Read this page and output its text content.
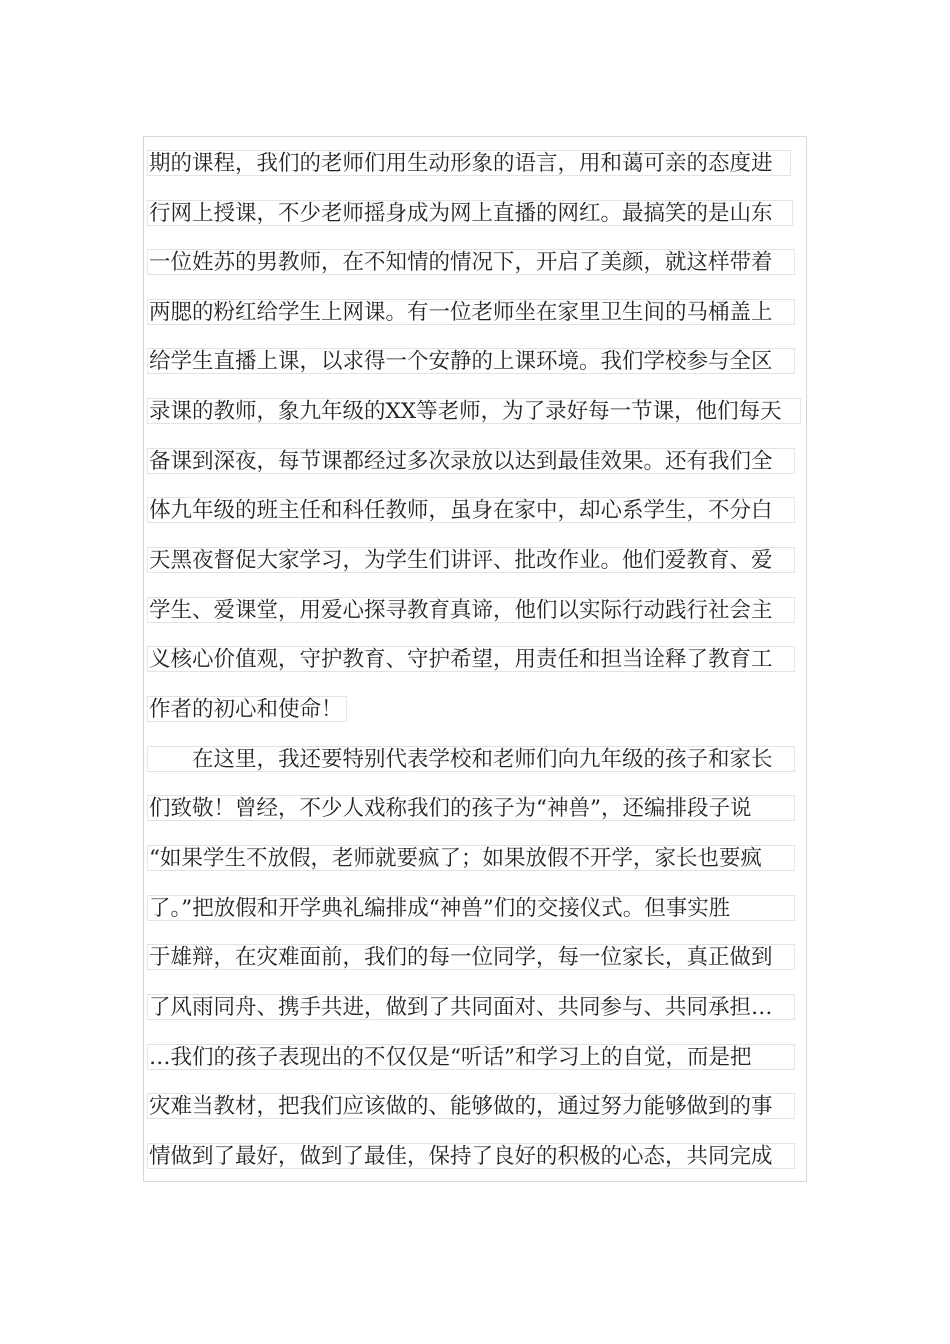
期的课程，我们的老师们用生动形象的语言，用和蔼可亲的态度进
行网上授课，不少老师摇身成为网上直播的网红。最搞笑的是山东
一位姓苏的男教师，在不知情的情况下，开启了美颜，就这样带着
两腮的粉红给学生上网课。有一位老师坐在家里卫生间的马桶盖上
给学生直播上课，以求得一个安静的上课环境。我们学校参与全区
录课的教师，象九年级的XX等老师，为了录好每一节课，他们每天
备课到深夜，每节课都经过多次录放以达到最佳效果。还有我们全
体九年级的班主任和科任教师，虽身在家中，却心系学生，不分白
天黑夜督促大家学习，为学生们讲评、批改作业。他们爱教育、爱
学生、爱课堂，用爱心探寻教育真谛，他们以实际行动践行社会主
义核心价值观，守护教育、守护希望，用责任和担当诠释了教育工
作者的初心和使命！
　　在这里，我还要特别代表学校和老师们向九年级的孩子和家长
们致敬！曾经，不少人戏称我们的孩子为“神兽”，还编排段子说
“如果学生不放假，老师就要疯了；如果放假不开学，家长也要疯
了。”把放假和开学典礼编排成“神兽”们的交接仪式。但事实胜
于雄辩，在灾难面前，我们的每一位同学，每一位家长，真正做到
了风雨同舟、携手共进，做到了共同面对、共同参与、共同承担…
…我们的孩子表现出的不仅仅是“听话”和学习上的自觉，而是把
灾难当教材，把我们应该做的、能够做的，通过努力能够做到的事
情做到了最好，做到了最佳，保持了良好的积极的心态，共同完成
